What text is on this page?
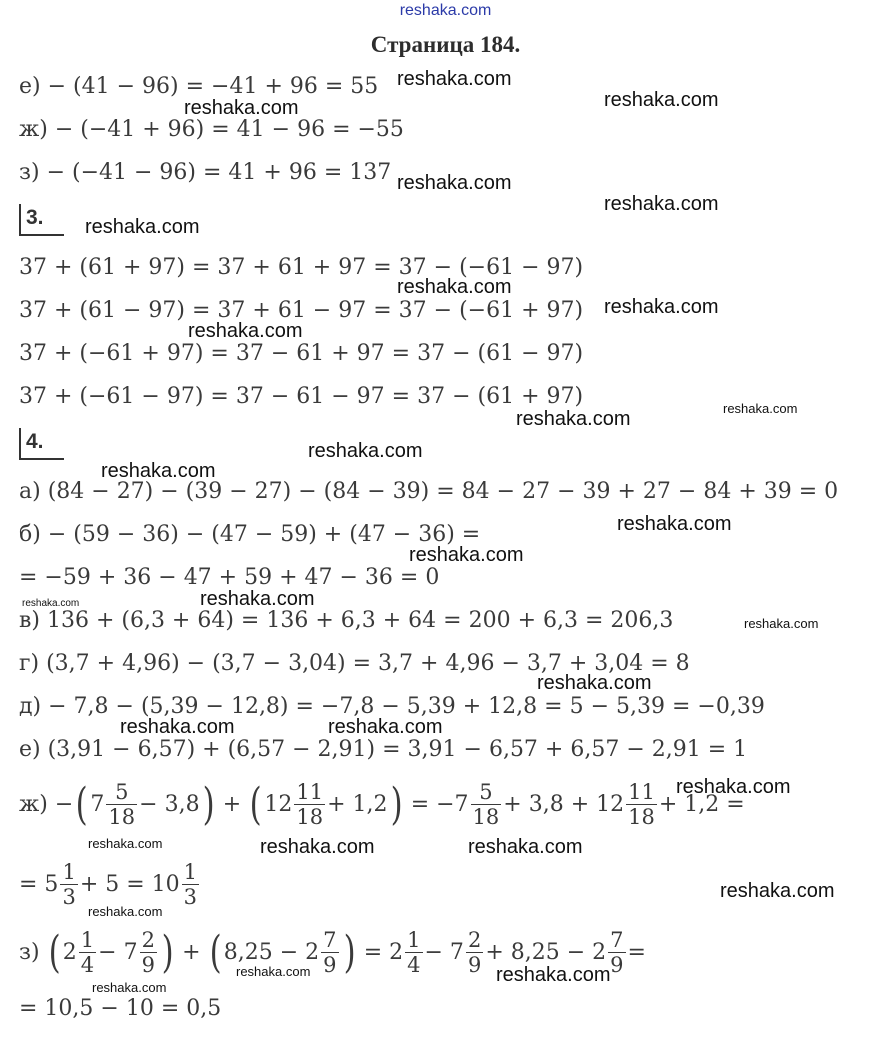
reshaka.com
Страница 184.
е) − (41 − 96) = −41 + 96 = 55
ж) − (−41 + 96) = 41 − 96 = −55
з) − (−41 − 96) = 41 + 96 = 137
3.
37 + (61 + 97) = 37 + 61 + 97 = 37 − (−61 − 97)
37 + (61 − 97) = 37 + 61 − 97 = 37 − (−61 + 97)
37 + (−61 + 97) = 37 − 61 + 97 = 37 − (61 − 97)
37 + (−61 − 97) = 37 − 61 − 97 = 37 − (61 + 97)
4.
а) (84 − 27) − (39 − 27) − (84 − 39) = 84 − 27 − 39 + 27 − 84 + 39 = 0
б) − (59 − 36) − (47 − 59) + (47 − 36) =
= −59 + 36 − 47 + 59 + 47 − 36 = 0
в) 136 + (6,3 + 64) = 136 + 6,3 + 64 = 200 + 6,3 = 206,3
г) (3,7 + 4,96) − (3,7 − 3,04) = 3,7 + 4,96 − 3,7 + 3,04 = 8
д) − 7,8 − (5,39 − 12,8) = −7,8 − 5,39 + 12,8 = 5 − 5,39 = −0,39
е) (3,91 − 6,57) + (6,57 − 2,91) = 3,91 − 6,57 + 6,57 − 2,91 = 1
ж) − ( $7 \frac{5}{18} - 3,8$ ) + ( $12 \frac{11}{18} + 1,2$ ) = $-7 \frac{5}{18} + 3,8 + 12 \frac{11}{18} + 1,2$ =
= $5 \frac{1}{3} + 5 = 10 \frac{1}{3}$
з) ( $2 \frac{1}{4} - 7 \frac{2}{9}$ ) + ( $8,25 - 2 \frac{7}{9}$ ) = $2 \frac{1}{4} - 7 \frac{2}{9} + 8,25 - 2 \frac{7}{9}$ =
= 10,5 − 10 = 0,5
reshaka.com
reshaka.com	reshaka.com
reshaka.com
reshaka.com
reshaka.com
reshaka.com
reshaka.com
reshaka.com
reshaka.com	reshaka.com
reshaka.com
reshaka.com
reshaka.com
reshaka.com
reshaka.com	reshaka.com
reshaka.com
reshaka.com
reshaka.com	reshaka.com
reshaka.com
reshaka.com	reshaka.com	reshaka.com
reshaka.com
reshaka.com
reshaka.com	reshaka.com
reshaka.com
